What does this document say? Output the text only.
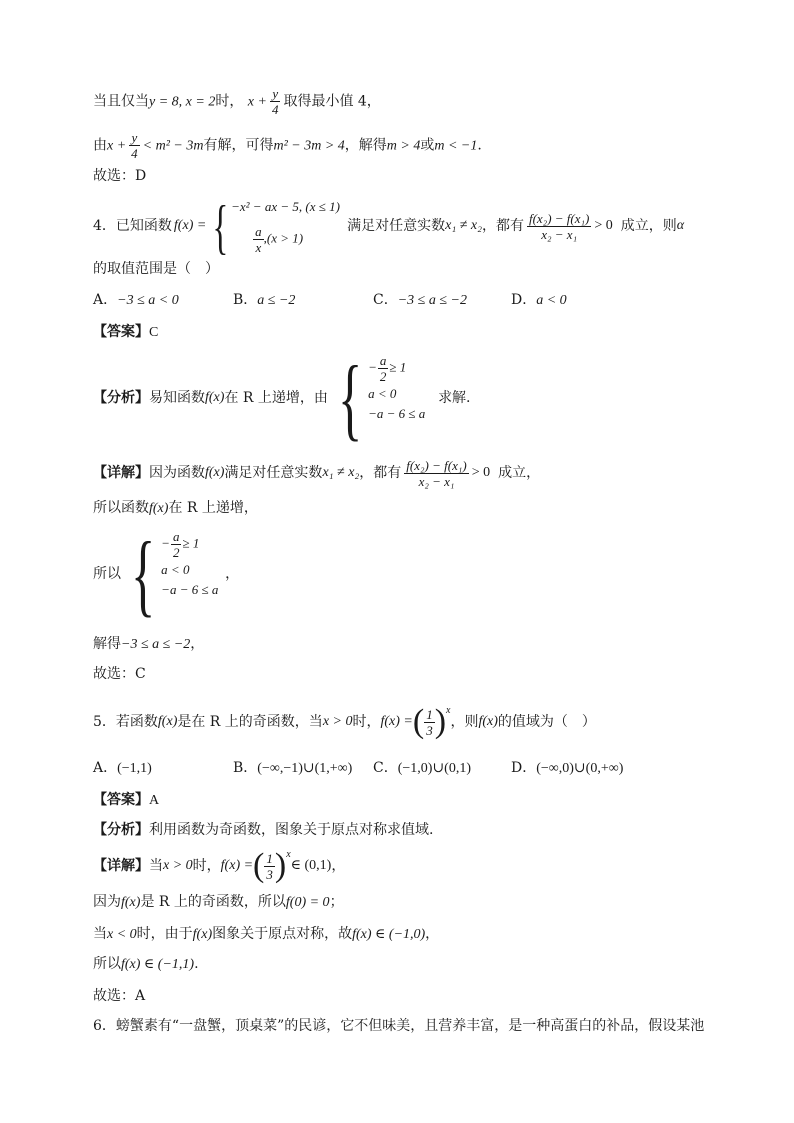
当且仅当y = 8, x = 2时， $x + \frac{y}{4}$ 取得最小值 4，
由$x + \frac{y}{4} < m^2 - 3m$有解，可得m² − 3m > 4，解得m > 4或m < −1.
故选：D
4．已知函数 f(x) = { −x² − ax − 5, (x ≤ 1)
$\frac{a}{x} ,(x > 1)$
满足对任意实数 x₁ ≠ x₂ ，都有 $\frac{\text{f(x₂) − f(x₁)}}{\text{x₂ − x₁}} > 0$ 成立，则 α
的取值范围是（　）
A．−3 ≤ a < 0	B．a ≤ −2	C．−3 ≤ a ≤ −2	D．a < 0
【答案】C
【分析】 易知函数 f(x) 在 R 上递增，由 { − $\frac{a}{2} \ge 1$
a < 0
−a − 6 ≤ a

求解.
【详解】 因为函数 f(x) 满足对任意实数 x₁ ≠ x₂ ，都有 $\frac{\text{f(x₂) − f(x₁)}}{\text{x₂ − x₁}} > 0$ 成立，
所以函数f(x)在 R 上递增，
所以 { − $\frac{a}{2} \ge 1$
a < 0
−a − 6 ≤ a

，
解得−3 ≤ a ≤ −2，
故选：C
5．若函数 f(x) 是在 R 上的奇函数，当 x > 0 时， f(x) = ( $\frac{1}{3} )^x$
，则 f(x) 的值域为（　）
A．(−1,1)	B．(−∞,−1)∪(1,+∞) C．(−1,0)∪(0,1)	D．(−∞,0)∪(0,+∞)
【答案】A
【分析】利用函数为奇函数，图象关于原点对称求值域.
【详解】 当 x > 0 时， f(x) = ( $\frac{1}{3} )^x$
∈ (0,1) ，
因为f(x)是 R 上的奇函数，所以f(0) = 0；
当x < 0时，由于f(x)图象关于原点对称，故f(x) ∈ (−1,0)，
所以f(x) ∈ (−1,1).
故选：A
6．螃蟹素有“一盘蟹，顶桌菜”的民谚，它不但味美，且营养丰富，是一种高蛋白的补品，假设某池
